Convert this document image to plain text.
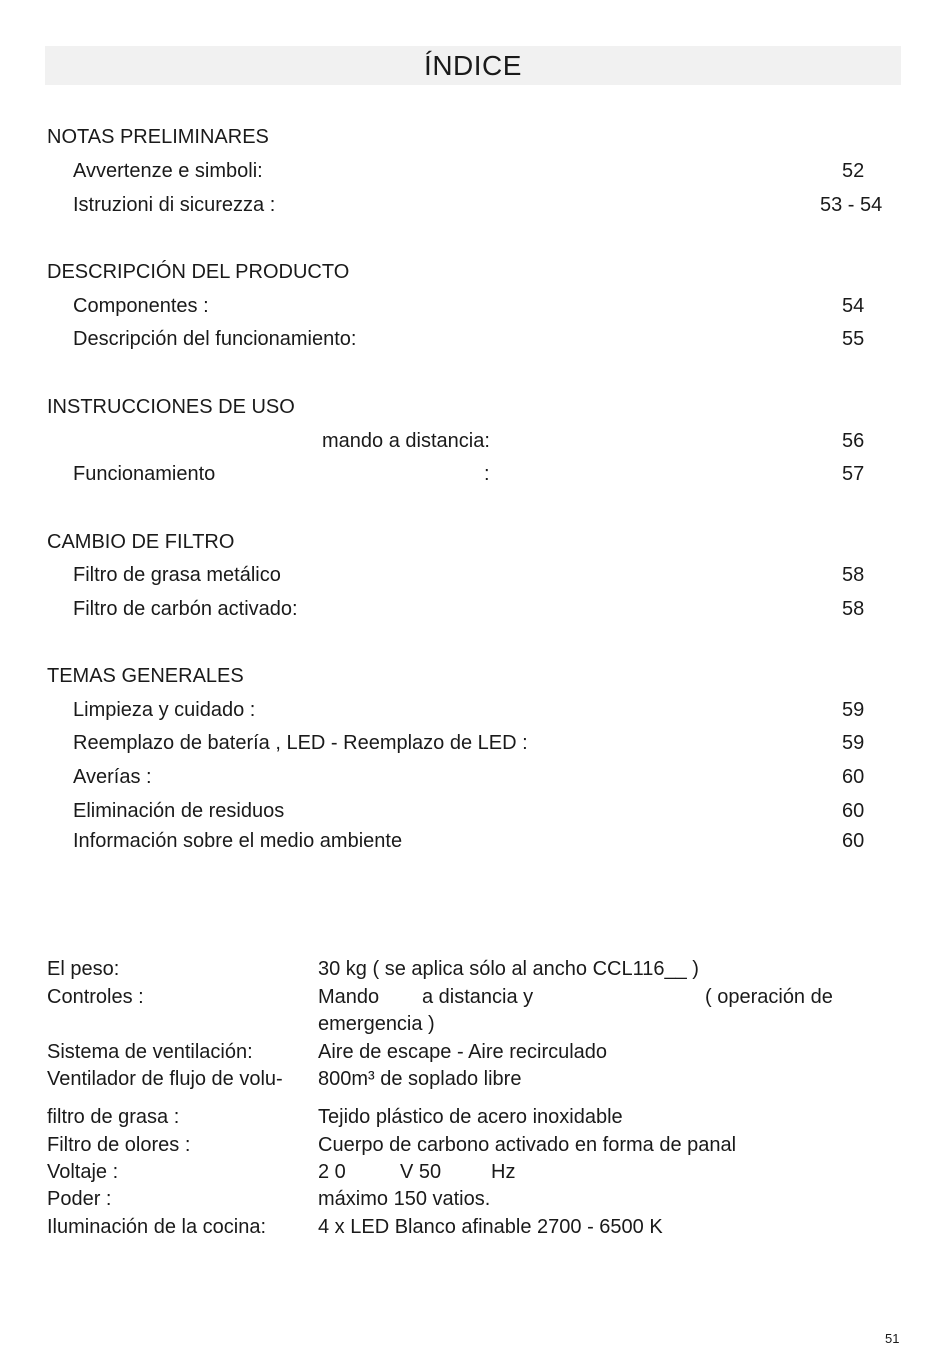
ÍNDICE
NOTAS PRELIMINARES
Avvertenze e simboli:	52
Istruzioni di sicurezza :	53 - 54
DESCRIPCIÓN DEL PRODUCTO
Componentes :	54
Descripción del funcionamiento:	55
INSTRUCCIONES DE USO
mando a distancia:	56
Funcionamiento	:	57
CAMBIO DE FILTRO
Filtro de grasa metálico	58
Filtro de carbón activado:	58
TEMAS GENERALES
Limpieza y cuidado :	59
Reemplazo de batería , LED - Reemplazo de LED :	59
Averías :	60
Eliminación de residuos	60
Información sobre el medio ambiente	60
El peso:	30 kg ( se aplica sólo al ancho CCL116__ )
Controles :	Mando a distancia y	( operación de
emergencia )
Sistema de ventilación:	Aire de escape - Aire recirculado
Ventilador de flujo de volu- 800m³ de soplado libre
filtro de grasa :	Tejido plástico de acero inoxidable
Filtro de olores :	Cuerpo de carbono activado en forma de panal
Voltaje :	2 0	V 50 Hz
Poder :	máximo 150 vatios.
Iluminación de la cocina:	4 x LED Blanco afinable 2700 - 6500 K
51
